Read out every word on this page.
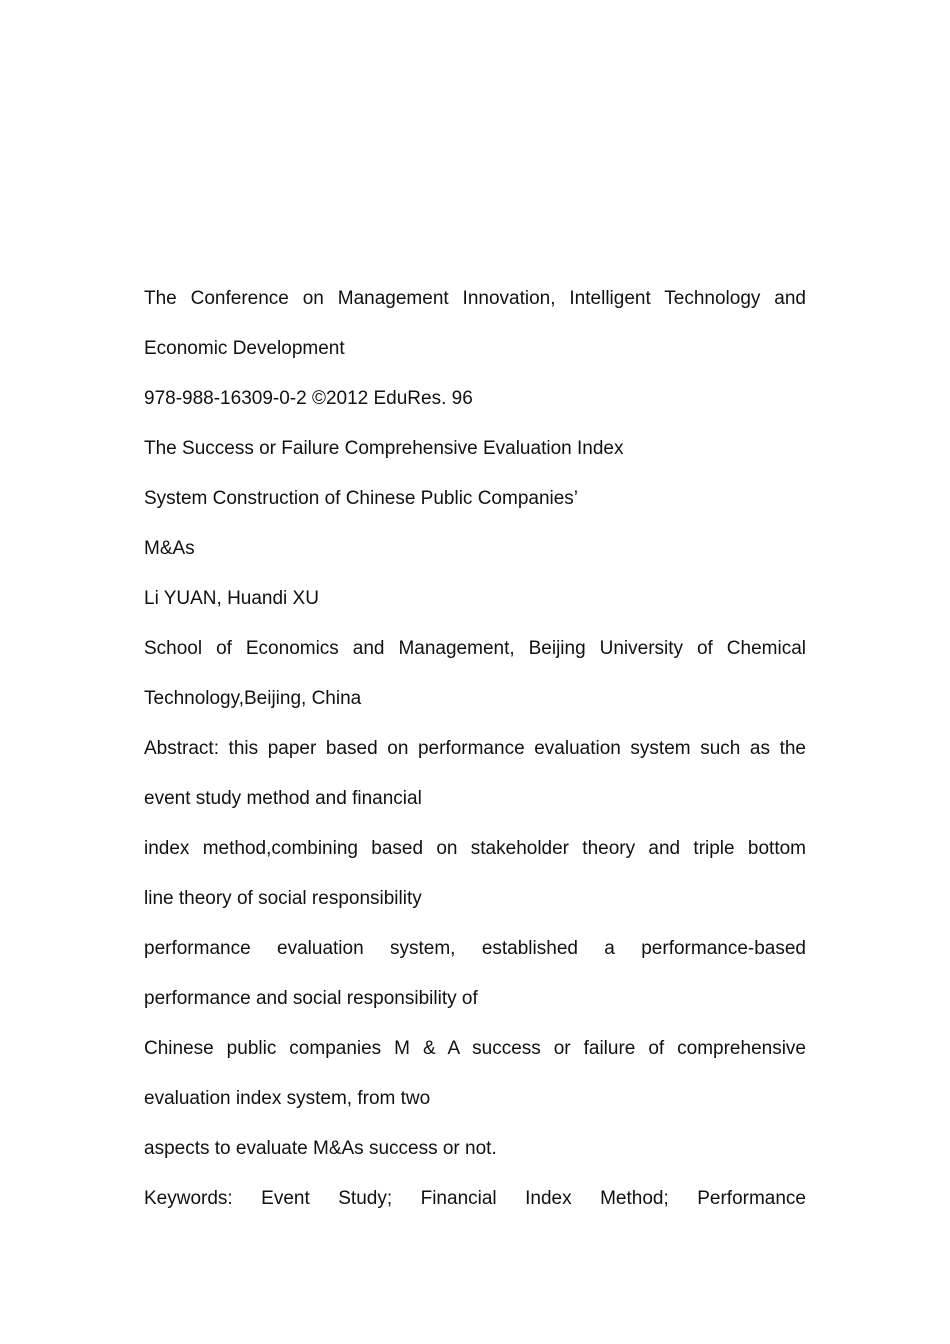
The Conference on Management Innovation, Intelligent Technology and
Economic Development
978-988-16309-0-2 ©2012 EduRes. 96
The Success or Failure Comprehensive Evaluation Index
System Construction of Chinese Public Companies’
M&As
Li YUAN, Huandi XU
School of Economics and Management, Beijing University of Chemical
Technology,Beijing, China
Abstract: this paper based on performance evaluation system such as the
event study method and financial
index method,combining based on stakeholder theory and triple bottom
line theory of social responsibility
performance evaluation system, established a performance-based
performance and social responsibility of
Chinese public companies M & A success or failure of comprehensive
evaluation index system, from two
aspects to evaluate M&As success or not.
Keywords: Event Study; Financial Index Method; Performance
